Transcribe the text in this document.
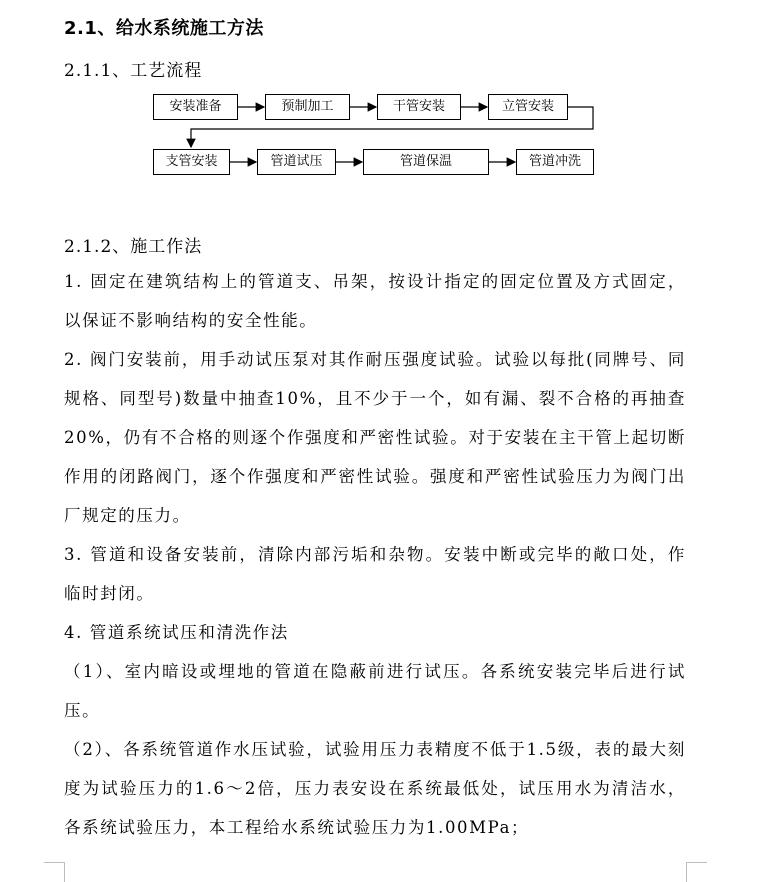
2.1、给水系统施工方法
2.1.1、工艺流程
安装准备	预制加工	干管安装	立管安装
支管安装	管道试压	管道保温	管道冲洗
2.1.2、施工作法
1. 固定在建筑结构上的管道支、吊架，按设计指定的固定位置及方式固定，以保证不影响结构的安全性能。
2. 阀门安装前，用手动试压泵对其作耐压强度试验。试验以每批(同牌号、同规格、同型号)数量中抽查10%，且不少于一个，如有漏、裂不合格的再抽查20%，仍有不合格的则逐个作强度和严密性试验。对于安装在主干管上起切断作用的闭路阀门，逐个作强度和严密性试验。强度和严密性试验压力为阀门出厂规定的压力。
3. 管道和设备安装前，清除内部污垢和杂物。安装中断或完毕的敞口处，作临时封闭。
4. 管道系统试压和清洗作法
（1）、室内暗设或埋地的管道在隐蔽前进行试压。各系统安装完毕后进行试压。
（2）、各系统管道作水压试验，试验用压力表精度不低于1.5级，表的最大刻度为试验压力的1.6～2倍，压力表安设在系统最低处，试压用水为清洁水，各系统试验压力，本工程给水系统试验压力为1.00MPa；
